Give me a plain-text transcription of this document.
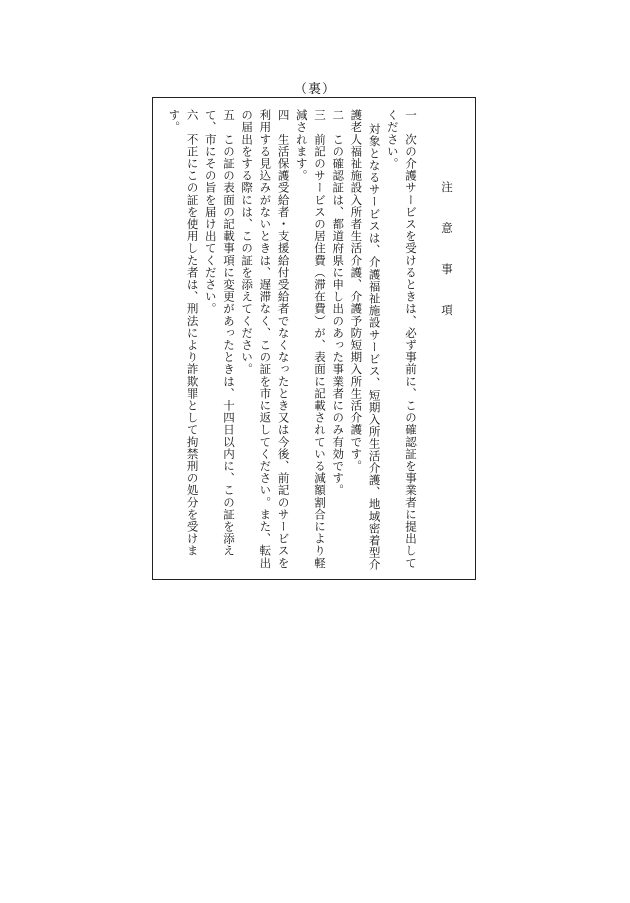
（裏）
注　意　事　項
一　次の介護サービスを受けるときは、必ず事前に、この確認証を事業者に提出してください。
対象となるサービスは、介護福祉施設サービス、短期入所生活介護、地域密着型介護老人福祉施設入所者生活介護、介護予防短期入所生活介護です。
二　この確認証は、都道府県に申し出のあった事業者にのみ有効です。
三　前記のサービスの居住費（滞在費）が、表面に記載されている減額割合により軽減されます。
四　生活保護受給者・支援給付受給者でなくなったとき又は今後、前記のサービスを利用する見込みがないときは、遅滞なく、この証を市に返してください。また、転出の届出をする際には、この証を添えてください。
五　この証の表面の記載事項に変更があったときは、十四日以内に、この証を添えて、市にその旨を届け出てください。
六　不正にこの証を使用した者は、刑法により詐欺罪として拘禁刑の処分を受けます。
